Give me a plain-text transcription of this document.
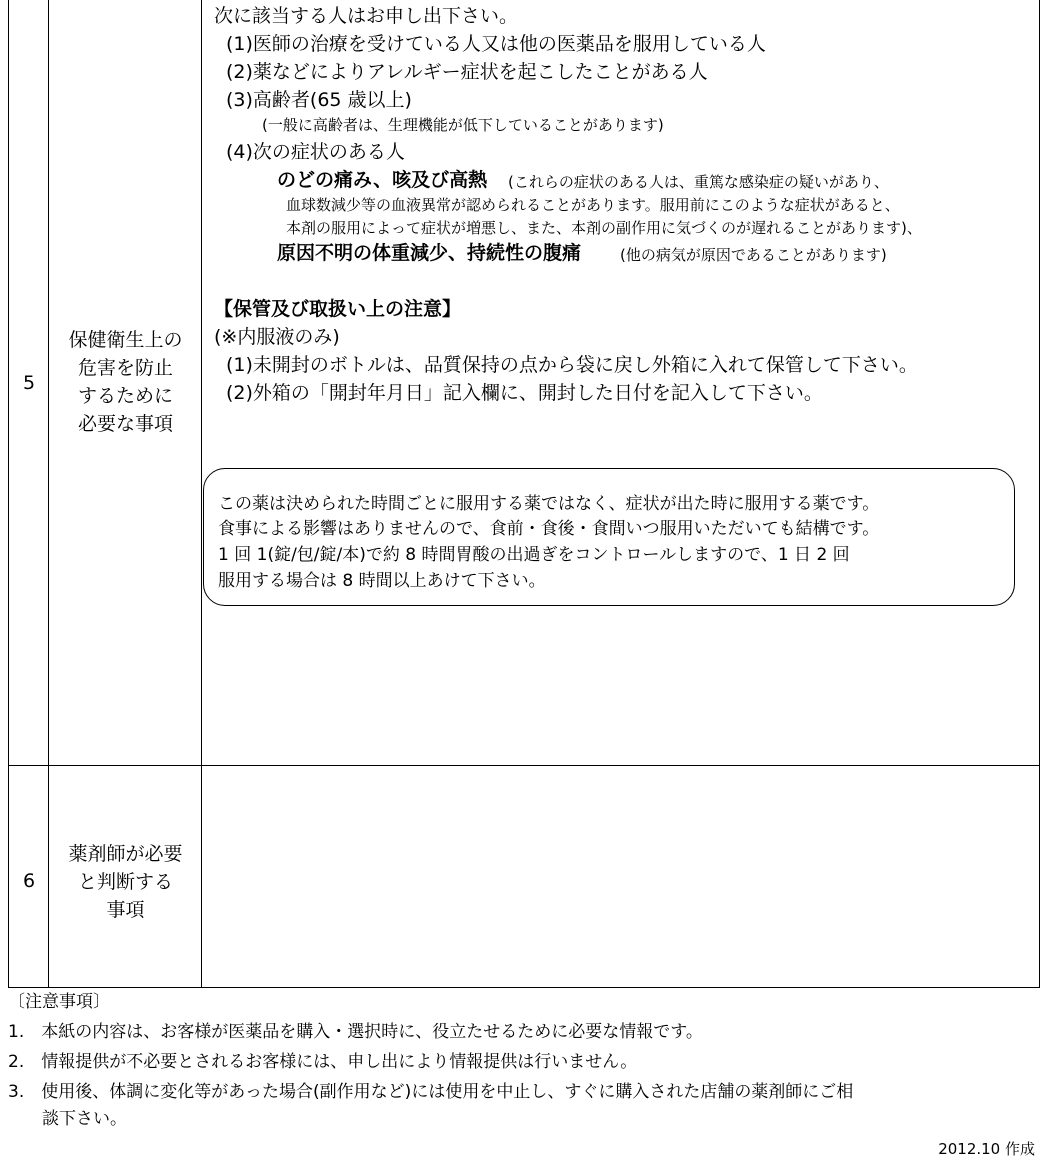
5
保健衛生上の
危害を防止
するために
必要な事項
6
薬剤師が必要
と判断する
事項
次に該当する人はお申し出下さい。
(1)医師の治療を受けている人又は他の医薬品を服用している人
(2)薬などによりアレルギー症状を起こしたことがある人
(3)高齢者(65 歳以上)
(一般に高齢者は、生理機能が低下していることがあります)
(4)次の症状のある人
のどの痛み、咳及び高熱 (これらの症状のある人は、重篤な感染症の疑いがあり、
血球数減少等の血液異常が認められることがあります。服用前にこのような症状があると、
本剤の服用によって症状が増悪し、また、本剤の副作用に気づくのが遅れることがあります)、
原因不明の体重減少、持続性の腹痛	(他の病気が原因であることがあります)
【保管及び取扱い上の注意】
(※内服液のみ)
(1)未開封のボトルは、品質保持の点から袋に戻し外箱に入れて保管して下さい。
(2)外箱の「開封年月日」記入欄に、開封した日付を記入して下さい。
この薬は決められた時間ごとに服用する薬ではなく、症状が出た時に服用する薬です。
食事による影響はありませんので、食前・食後・食間いつ服用いただいても結構です。
1 回 1(錠/包/錠/本)で約 8 時間胃酸の出過ぎをコントロールしますので、1 日 2 回
服用する場合は 8 時間以上あけて下さい。
〔注意事項〕
1.　本紙の内容は、お客様が医薬品を購入・選択時に、役立たせるために必要な情報です。
2.　情報提供が不必要とされるお客様には、申し出により情報提供は行いません。
3.　使用後、体調に変化等があった場合(副作用など)には使用を中止し、すぐに購入された店舗の薬剤師にご相
　　談下さい。
2012.10 作成
